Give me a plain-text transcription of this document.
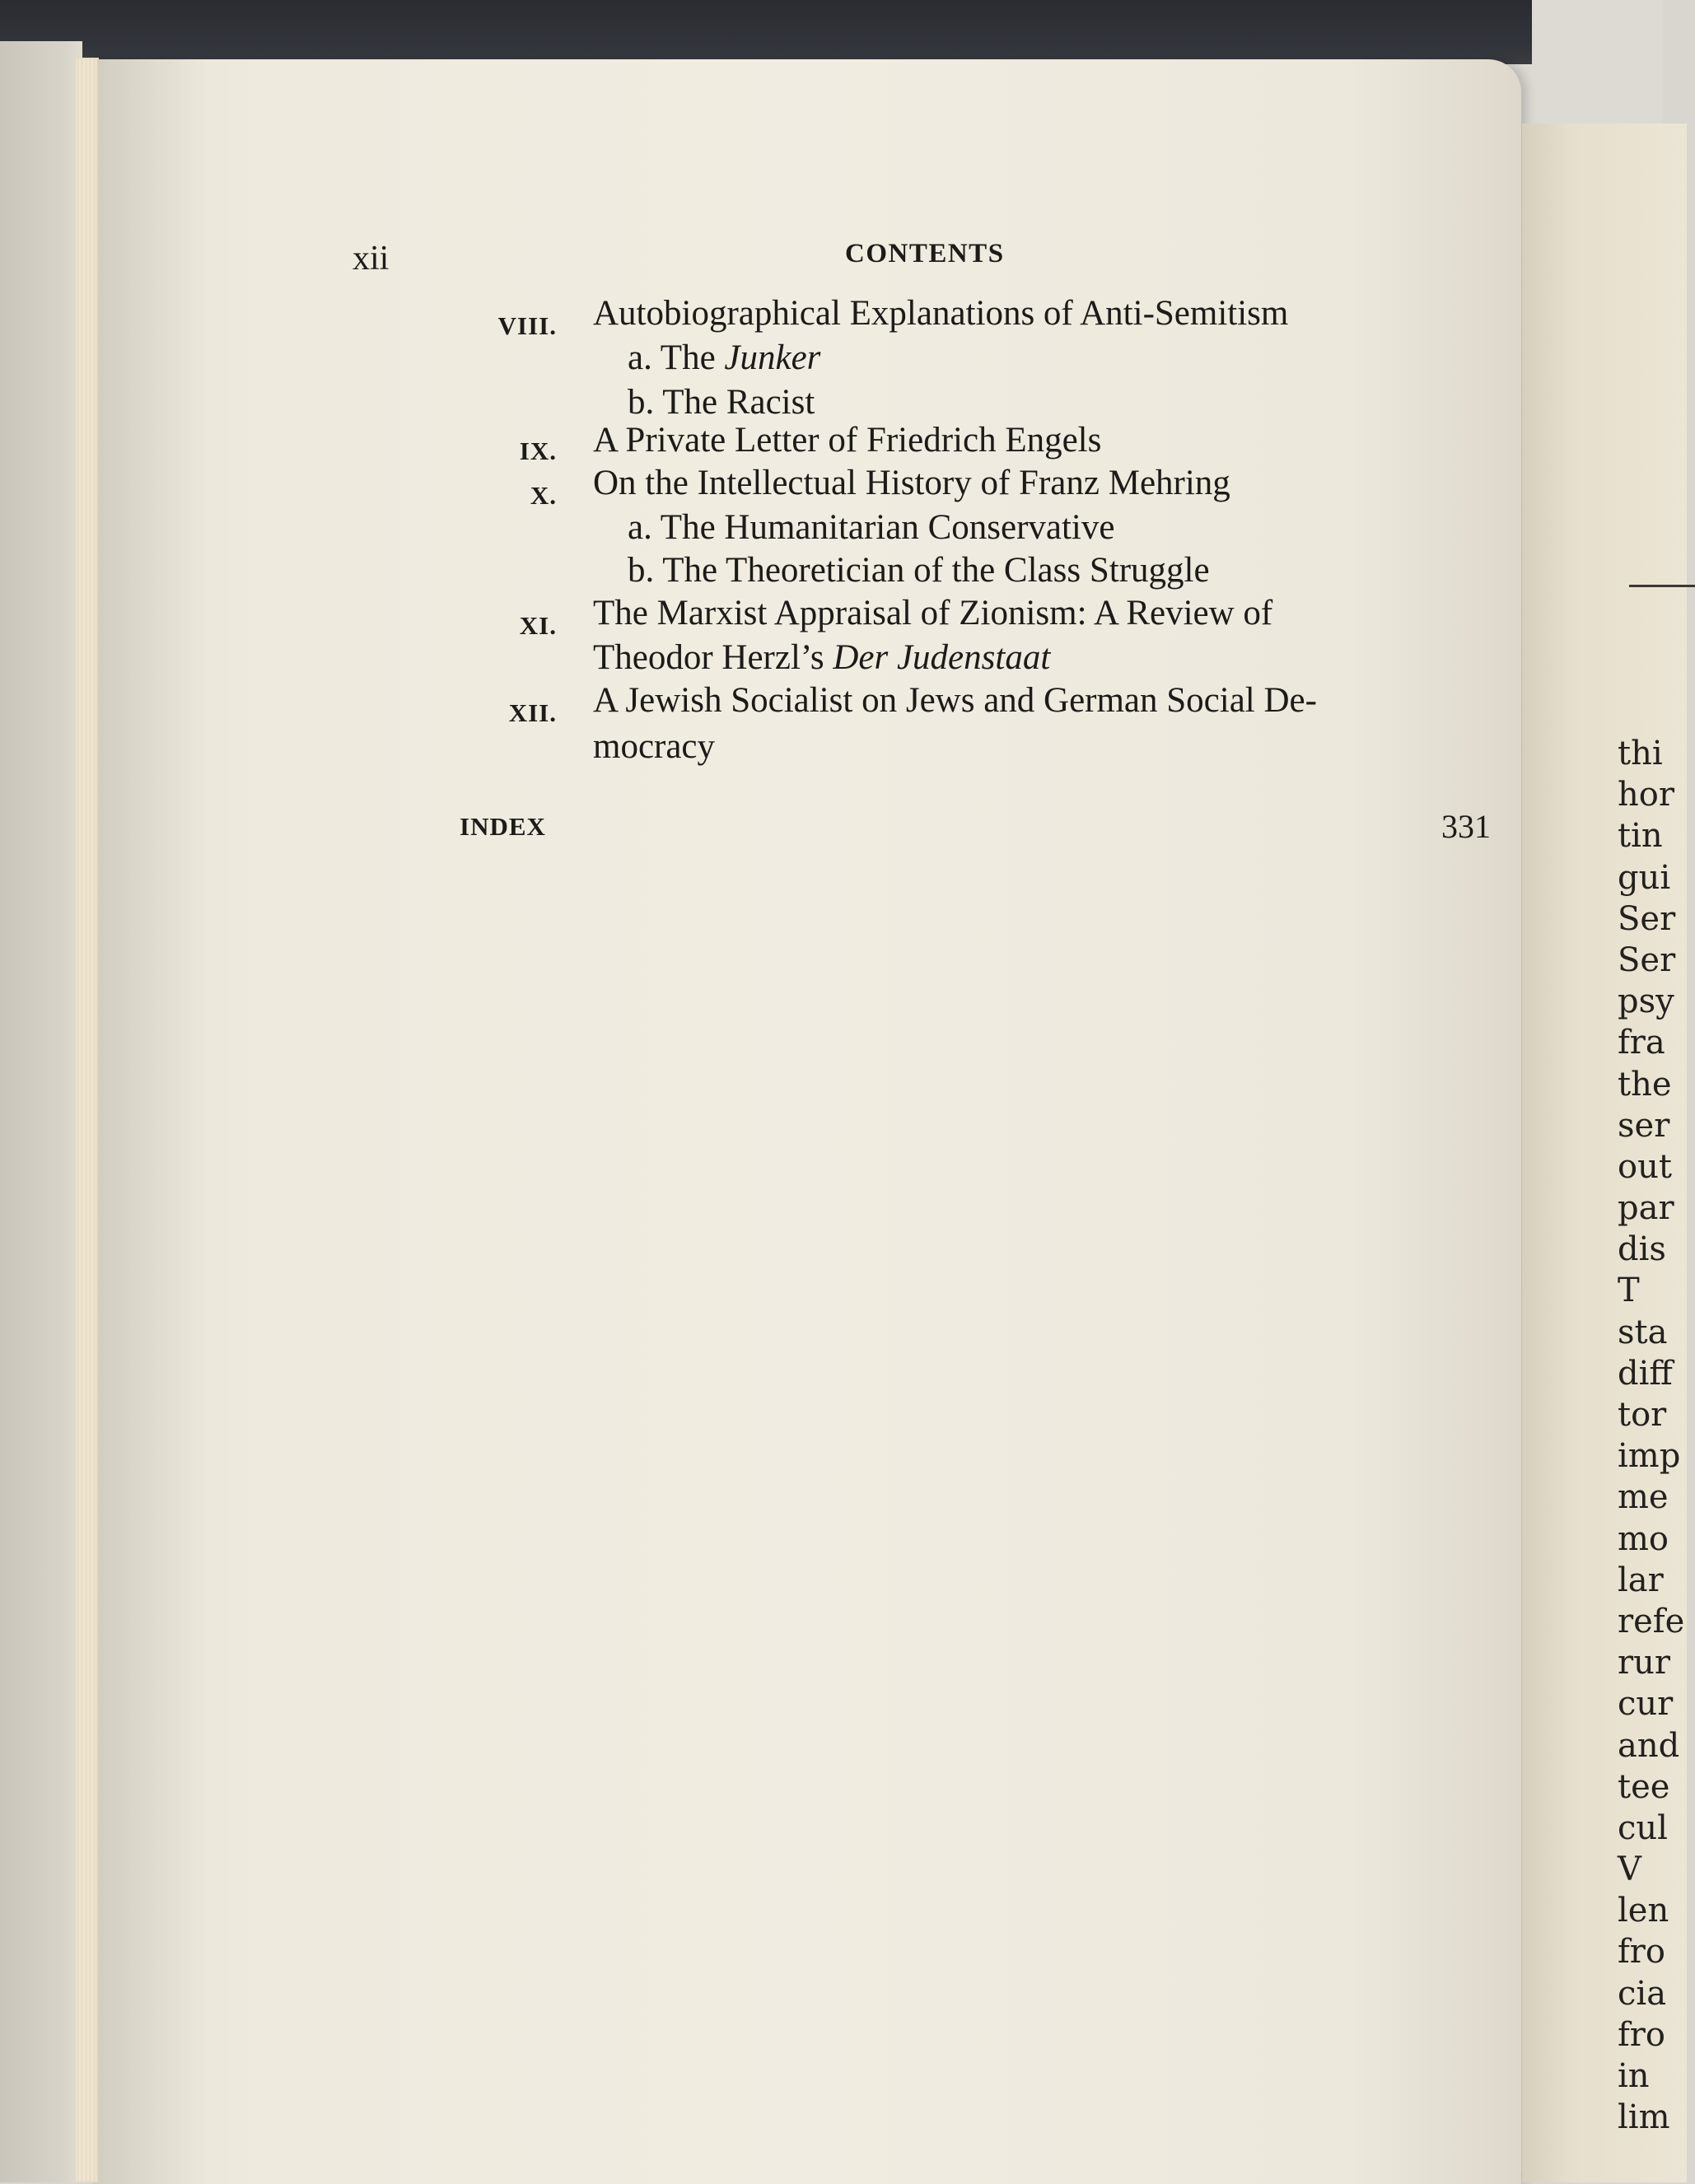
thi
hor
tin
gui
Ser
Ser
psy
fra
the
ser
out
par
dis
T
sta
diff
tor
imp
me
mo
lar
refe
rur
cur
and
tee
cul
V
len
fro
cia
fro
in
lim
xii	CONTENTS
VIII. Autobiographical Explanations of Anti-Semitism
a. The Junker
b. The Racist
IX. A Private Letter of Friedrich Engels
X. On the Intellectual History of Franz Mehring
a. The Humanitarian Conservative
b. The Theoretician of the Class Struggle
XI. The Marxist Appraisal of Zionism: A Review of
Theodor Herzl’s Der Judenstaat
XII. A Jewish Socialist on Jews and German Social De-
mocracy
INDEX	331
